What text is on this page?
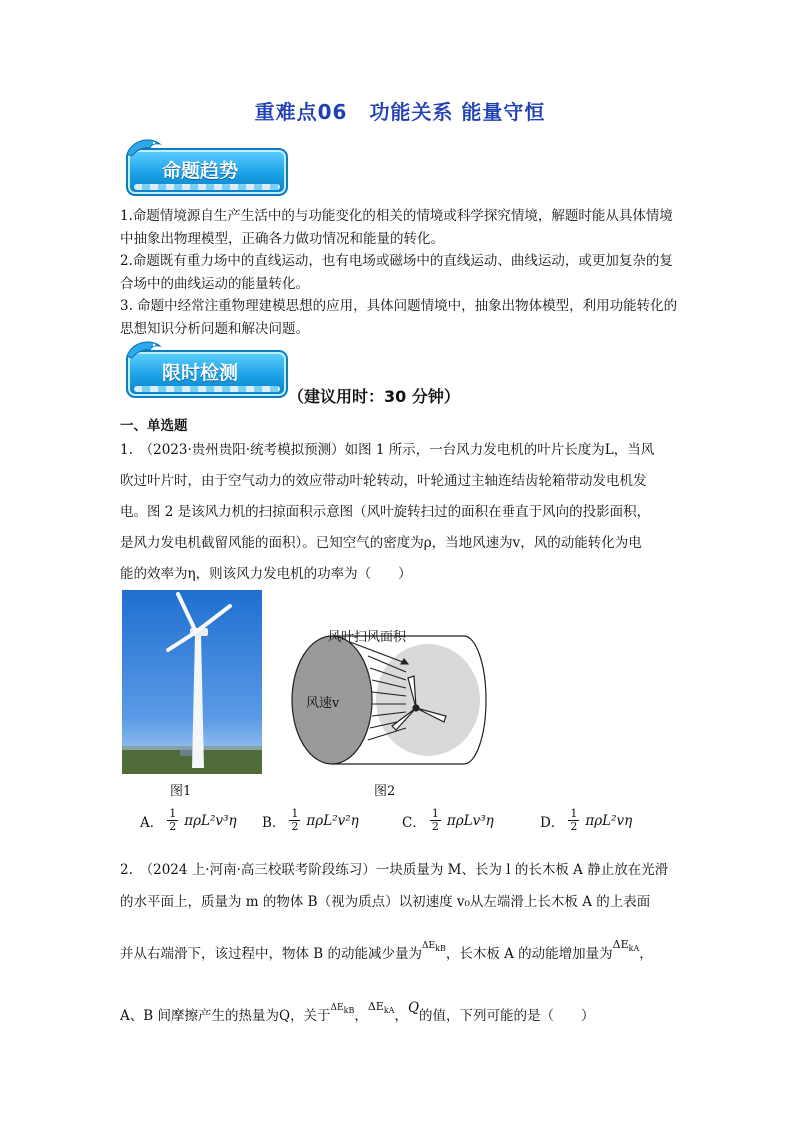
重难点06 功能关系 能量守恒
命题趋势
1.命题情境源自生产生活中的与功能变化的相关的情境或科学探究情境，解题时能从具体情境中抽象出物理模型，正确各力做功情况和能量的转化。
2.命题既有重力场中的直线运动，也有电场或磁场中的直线运动、曲线运动，或更加复杂的复合场中的曲线运动的能量转化。
3. 命题中经常注重物理建模思想的应用，具体问题情境中，抽象出物体模型，利用功能转化的思想知识分析问题和解决问题。
限时检测
（建议用时：30 分钟）
一、单选题
1.　（2023·贵州贵阳·统考模拟预测）如图 1 所示，一台风力发电机的叶片长度为L，当风
吹过叶片时，由于空气动力的效应带动叶轮转动，叶轮通过主轴连结齿轮箱带动发电机发
电。图 2 是该风力机的扫掠面积示意图（风叶旋转扫过的面积在垂直于风向的投影面积，
是风力发电机截留风能的面积）。已知空气的密度为ρ，当地风速为v，风的动能转化为电
能的效率为η，则该风力发电机的功率为（　　）
图1
风叶扫风面积
风速v
图2
A． $\frac{1}{2} \pi\rho L^2v^3\eta$ B． $\frac{1}{2} \pi\rho L^2v^2\eta$	C． $\frac{1}{2} \pi\rho Lv^3\eta$	D． $\frac{1}{2} \pi\rho L^2v\eta$
2.　（2024 上·河南·高三校联考阶段练习）一块质量为 M、长为 l 的长木板 A 静止放在光滑
的水平面上，质量为 m 的物体 B（视为质点）以初速度 v₀从左端滑上长木板 A 的上表面
并从右端滑下，该过程中，物体 B 的动能减少量为$^{\Delta EkB}$，长木板 A 的动能增加量为$^{\Delta E_{kA}}$，
A、B 间摩擦产生的热量为Q，关于$^{\Delta EkB}$，$^{\Delta E_{kA}}$，Q的值，下列可能的是（　　）
